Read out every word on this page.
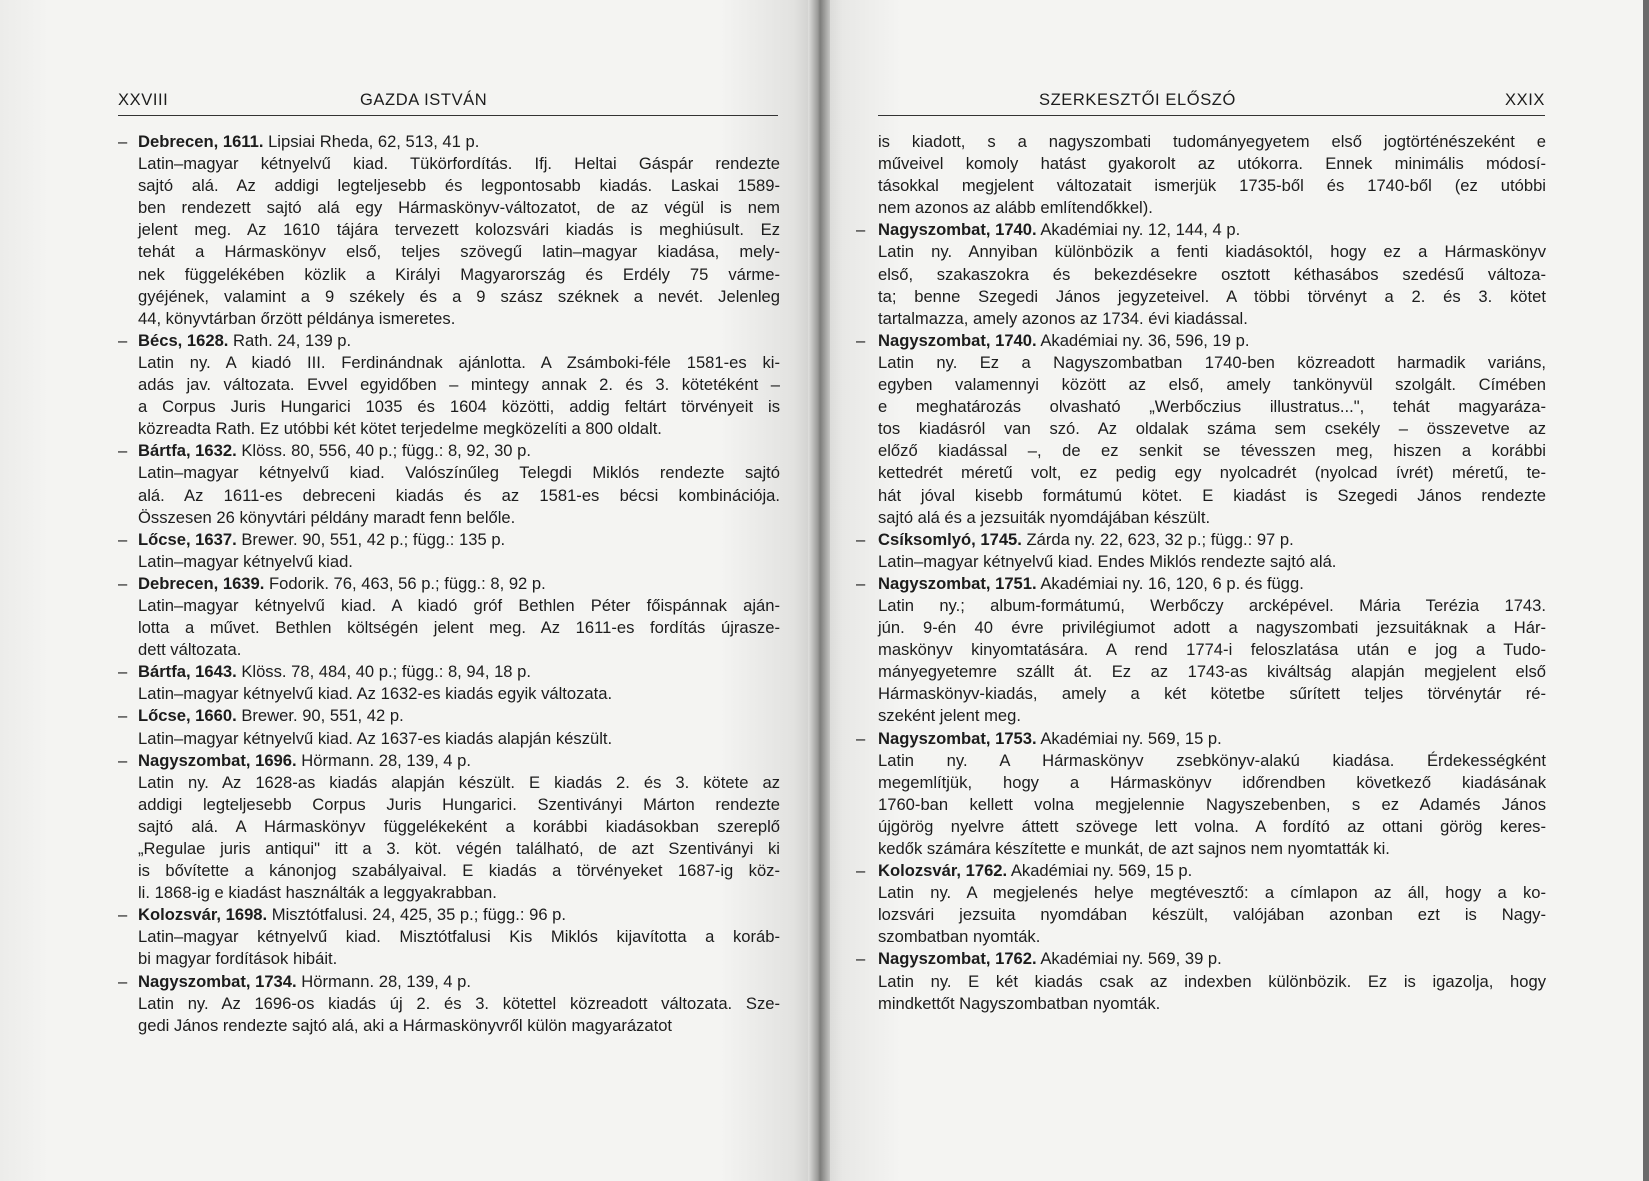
XXVIII	GAZDA ISTVÁN
– Debrecen, 1611. Lipsiai Rheda, 62, 513, 41 p.
Latin–magyar kétnyelvű kiad. Tükörfordítás. Ifj. Heltai Gáspár rendezte
sajtó alá. Az addigi legteljesebb és legpontosabb kiadás. Laskai 1589-
ben rendezett sajtó alá egy Hármaskönyv-változatot, de az végül is nem
jelent meg. Az 1610 tájára tervezett kolozsvári kiadás is meghiúsult. Ez
tehát a Hármaskönyv első, teljes szövegű latin–magyar kiadása, mely-
nek függelékében közlik a Királyi Magyarország és Erdély 75 várme-
gyéjének, valamint a 9 székely és a 9 szász széknek a nevét. Jelenleg
44, könyvtárban őrzött példánya ismeretes.
– Bécs, 1628. Rath. 24, 139 p.
Latin ny. A kiadó III. Ferdinándnak ajánlotta. A Zsámboki-féle 1581-es ki-
adás jav. változata. Evvel egyidőben – mintegy annak 2. és 3. kötetéként –
a Corpus Juris Hungarici 1035 és 1604 közötti, addig feltárt törvényeit is
közreadta Rath. Ez utóbbi két kötet terjedelme megközelíti a 800 oldalt.
– Bártfa, 1632. Klöss. 80, 556, 40 p.; függ.: 8, 92, 30 p.
Latin–magyar kétnyelvű kiad. Valószínűleg Telegdi Miklós rendezte sajtó
alá. Az 1611-es debreceni kiadás és az 1581-es bécsi kombinációja.
Összesen 26 könyvtári példány maradt fenn belőle.
– Lőcse, 1637. Brewer. 90, 551, 42 p.; függ.: 135 p.
Latin–magyar kétnyelvű kiad.
– Debrecen, 1639. Fodorik. 76, 463, 56 p.; függ.: 8, 92 p.
Latin–magyar kétnyelvű kiad. A kiadó gróf Bethlen Péter főispánnak aján-
lotta a művet. Bethlen költségén jelent meg. Az 1611-es fordítás újrasze-
dett változata.
– Bártfa, 1643. Klöss. 78, 484, 40 p.; függ.: 8, 94, 18 p.
Latin–magyar kétnyelvű kiad. Az 1632-es kiadás egyik változata.
– Lőcse, 1660. Brewer. 90, 551, 42 p.
Latin–magyar kétnyelvű kiad. Az 1637-es kiadás alapján készült.
– Nagyszombat, 1696. Hörmann. 28, 139, 4 p.
Latin ny. Az 1628-as kiadás alapján készült. E kiadás 2. és 3. kötete az
addigi legteljesebb Corpus Juris Hungarici. Szentiványi Márton rendezte
sajtó alá. A Hármaskönyv függelékeként a korábbi kiadásokban szereplő
„Regulae juris antiqui" itt a 3. köt. végén található, de azt Szentiványi ki
is bővítette a kánonjog szabályaival. E kiadás a törvényeket 1687-ig köz-
li. 1868-ig e kiadást használták a leggyakrabban.
– Kolozsvár, 1698. Misztótfalusi. 24, 425, 35 p.; függ.: 96 p.
Latin–magyar kétnyelvű kiad. Misztótfalusi Kis Miklós kijavította a koráb-
bi magyar fordítások hibáit.
– Nagyszombat, 1734. Hörmann. 28, 139, 4 p.
Latin ny. Az 1696-os kiadás új 2. és 3. kötettel közreadott változata. Sze-
gedi János rendezte sajtó alá, aki a Hármaskönyvről külön magyarázatot
SZERKESZTŐI ELŐSZÓ	XXIX
is kiadott, s a nagyszombati tudományegyetem első jogtörténészeként e
műveivel komoly hatást gyakorolt az utókorra. Ennek minimális módosí-
tásokkal megjelent változatait ismerjük 1735-ből és 1740-ből (ez utóbbi
nem azonos az alább említendőkkel).
– Nagyszombat, 1740. Akadémiai ny. 12, 144, 4 p.
Latin ny. Annyiban különbözik a fenti kiadásoktól, hogy ez a Hármaskönyv
első, szakaszokra és bekezdésekre osztott kéthasábos szedésű változa-
ta; benne Szegedi János jegyzeteivel. A többi törvényt a 2. és 3. kötet
tartalmazza, amely azonos az 1734. évi kiadással.
– Nagyszombat, 1740. Akadémiai ny. 36, 596, 19 p.
Latin ny. Ez a Nagyszombatban 1740-ben közreadott harmadik variáns,
egyben valamennyi között az első, amely tankönyvül szolgált. Címében
e meghatározás olvasható „Werbőczius illustratus...", tehát magyaráza-
tos kiadásról van szó. Az oldalak száma sem csekély – összevetve az
előző kiadással –, de ez senkit se tévesszen meg, hiszen a korábbi
kettedrét méretű volt, ez pedig egy nyolcadrét (nyolcad ívrét) méretű, te-
hát jóval kisebb formátumú kötet. E kiadást is Szegedi János rendezte
sajtó alá és a jezsuiták nyomdájában készült.
– Csíksomlyó, 1745. Zárda ny. 22, 623, 32 p.; függ.: 97 p.
Latin–magyar kétnyelvű kiad. Endes Miklós rendezte sajtó alá.
– Nagyszombat, 1751. Akadémiai ny. 16, 120, 6 p. és függ.
Latin ny.; album-formátumú, Werbőczy arcképével. Mária Terézia 1743.
jún. 9-én 40 évre privilégiumot adott a nagyszombati jezsuitáknak a Hár-
maskönyv kinyomtatására. A rend 1774-i feloszlatása után e jog a Tudo-
mányegyetemre szállt át. Ez az 1743-as kiváltság alapján megjelent első
Hármaskönyv-kiadás, amely a két kötetbe sűrített teljes törvénytár ré-
szeként jelent meg.
– Nagyszombat, 1753. Akadémiai ny. 569, 15 p.
Latin ny. A Hármaskönyv zsebkönyv-alakú kiadása. Érdekességként
megemlítjük, hogy a Hármaskönyv időrendben következő kiadásának
1760-ban kellett volna megjelennie Nagyszebenben, s ez Adamés János
újgörög nyelvre áttett szövege lett volna. A fordító az ottani görög keres-
kedők számára készítette e munkát, de azt sajnos nem nyomtatták ki.
– Kolozsvár, 1762. Akadémiai ny. 569, 15 p.
Latin ny. A megjelenés helye megtévesztő: a címlapon az áll, hogy a ko-
lozsvári jezsuita nyomdában készült, valójában azonban ezt is Nagy-
szombatban nyomták.
– Nagyszombat, 1762. Akadémiai ny. 569, 39 p.
Latin ny. E két kiadás csak az indexben különbözik. Ez is igazolja, hogy
mindkettőt Nagyszombatban nyomták.
